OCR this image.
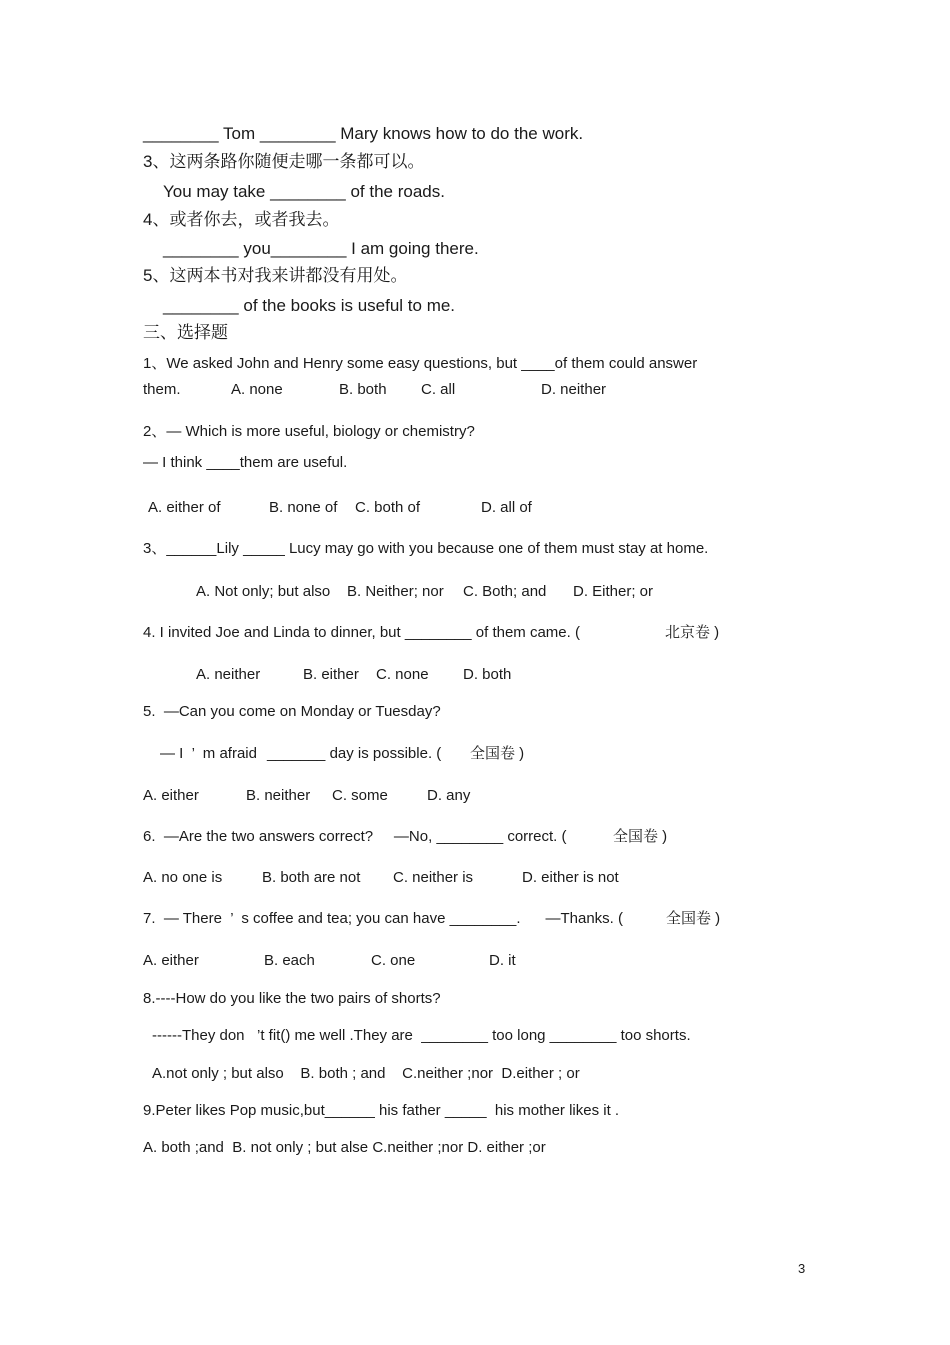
________ Tom ________ Mary knows how to do the work.
3、这两条路你随便走哪一条都可以。
You may take ________ of the roads.
4、或者你去，或者我去。
________ you________ I am going there.
5、这两本书对我来讲都没有用处。
________ of the books is useful to me.
三、选择题
1、We asked John and Henry some easy questions, but ____of them could answer
them.	A. none	B. both C. all	D. neither
2、— Which is more useful, biology or chemistry?
— I think ____them are useful.
A. either of	B. none of C. both of	D. all of
3、______Lily _____ Lucy may go with you because one of them must stay at home.
A. Not only; but also B. Neither; nor C. Both; and D. Either; or
4. I invited Joe and Linda to dinner, but ________ of them came. (	北京卷 )
A. neither	B. either C. none D. both
5.  —Can you come on Monday or Tuesday?
— I  ’  m afraid _______ day is possible. ( 全国卷 )
A. either	B. neither C. some	D. any
6.  —Are the two answers correct?     —No, ________ correct. (	全国卷 )
A. no one is	B. both are not C. neither is	D. either is not
7.  — There  ’  s coffee and tea; you can have ________.      —Thanks. (	全国卷 )
A. either	B. each	C. one	D. it
8.----How do you like the two pairs of shorts?
------They don   ’t fit() me well .They are  ________ too long ________ too shorts.
A.not only ; but also    B. both ; and    C.neither ;nor  D.either ; or
9.Peter likes Pop music,but______ his father _____  his mother likes it .
A. both ;and  B. not only ; but alse C.neither ;nor D. either ;or
3
